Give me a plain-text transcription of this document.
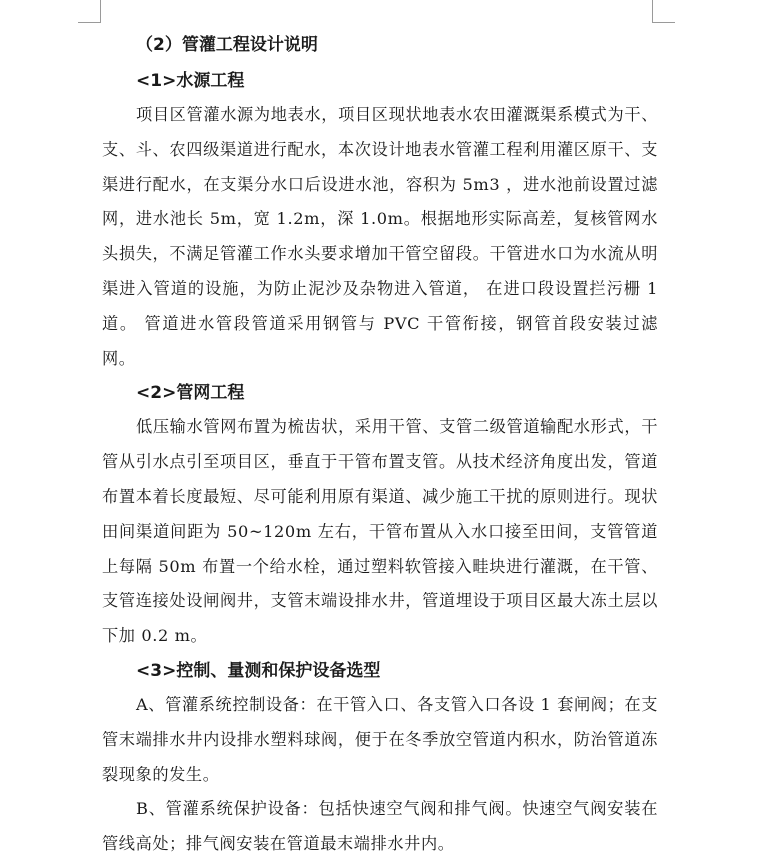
（2）管灌工程设计说明

<1>水源工程

项目区管灌水源为地表水，项目区现状地表水农田灌溉渠系模式为干、支、斗、农四级渠道进行配水，本次设计地表水管灌工程利用灌区原干、支渠进行配水，在支渠分水口后设进水池，容积为 5m3 ，进水池前设置过滤网，进水池长 5m，宽 1.2m，深 1.0m。根据地形实际高差，复核管网水头损失，不满足管灌工作水头要求增加干管空留段。干管进水口为水流从明渠进入管道的设施，为防止泥沙及杂物进入管道， 在进口段设置拦污栅 1 道。 管道进水管段管道采用钢管与 PVC 干管衔接，钢管首段安装过滤网。

<2>管网工程

低压输水管网布置为梳齿状，采用干管、支管二级管道输配水形式，干管从引水点引至项目区，垂直于干管布置支管。从技术经济角度出发，管道布置本着长度最短、尽可能利用原有渠道、减少施工干扰的原则进行。现状田间渠道间距为 50~120m 左右，干管布置从入水口接至田间，支管管道上每隔 50m 布置一个给水栓，通过塑料软管接入畦块进行灌溉，在干管、支管连接处设闸阀井，支管末端设排水井，管道埋设于项目区最大冻土层以下加 0.2 m。

<3>控制、量测和保护设备选型

A、管灌系统控制设备：在干管入口、各支管入口各设 1 套闸阀；在支管末端排水井内设排水塑料球阀，便于在冬季放空管道内积水，防治管道冻裂现象的发生。

B、管灌系统保护设备：包括快速空气阀和排气阀。快速空气阀安装在管线高处；排气阀安装在管道最末端排水井内。
